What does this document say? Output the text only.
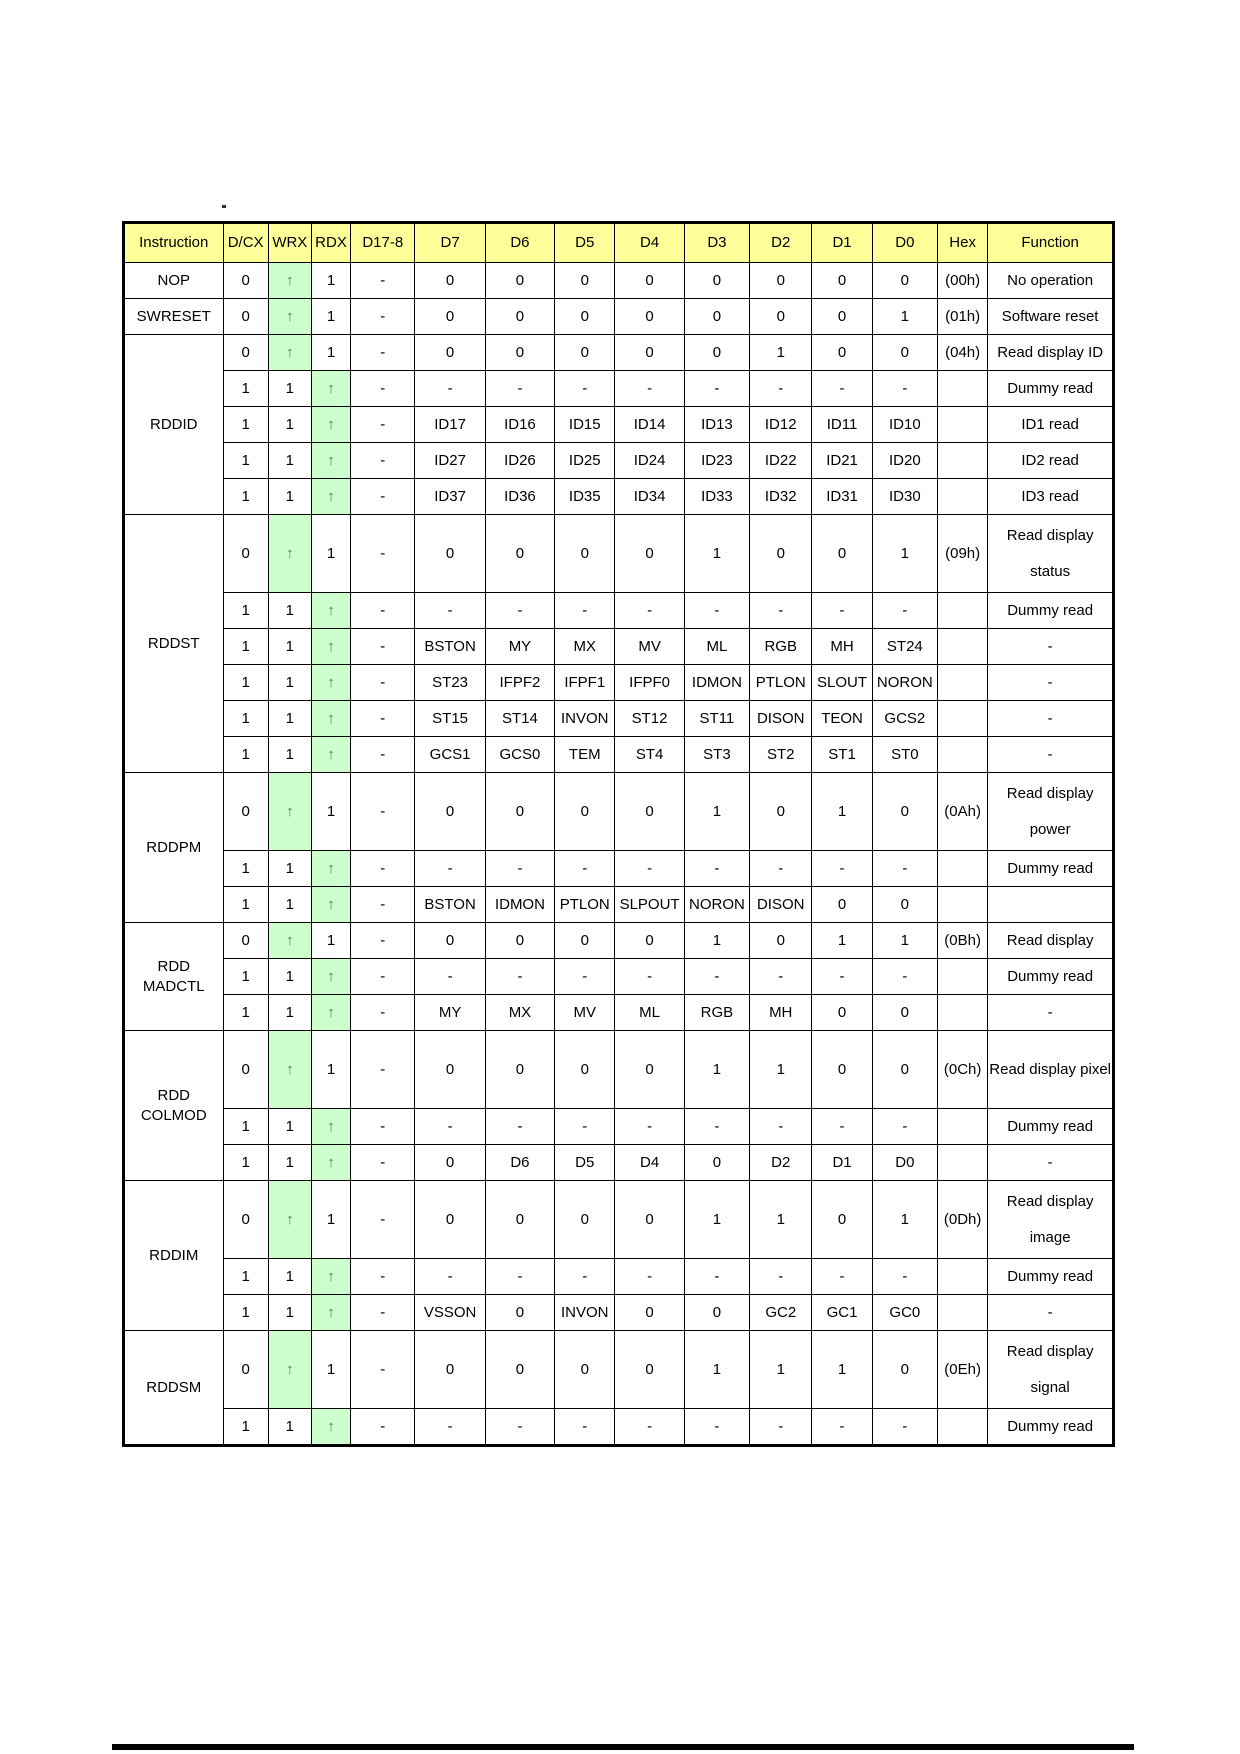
Instruction	D/CX	WRX	RDX	D17-8	D7	D6	D5	D4	D3	D2	D1	D0	Hex	Function
NOP	0	↑	1	-	0	0	0	0	0	0	0	0	(00h)	No operation
SWRESET	0	↑	1	-	0	0	0	0	0	0	0	1	(01h)	Software reset
RDDID	0	↑	1	-	0	0	0	0	0	1	0	0	(04h)	Read display ID
	1	1	↑	-	-	-	-	-	-	-	-	-		Dummy read
	1	1	↑	-	ID17	ID16	ID15	ID14	ID13	ID12	ID11	ID10		ID1 read
	1	1	↑	-	ID27	ID26	ID25	ID24	ID23	ID22	ID21	ID20		ID2 read
	1	1	↑	-	ID37	ID36	ID35	ID34	ID33	ID32	ID31	ID30		ID3 read
RDDST	0	↑	1	-	0	0	0	0	1	0	0	1	(09h)	Read display status
	1	1	↑	-	-	-	-	-	-	-	-	-		Dummy read
	1	1	↑	-	BSTON	MY	MX	MV	ML	RGB	MH	ST24		-
	1	1	↑	-	ST23	IFPF2	IFPF1	IFPF0	IDMON	PTLON	SLOUT	NORON		-
	1	1	↑	-	ST15	ST14	INVON	ST12	ST11	DISON	TEON	GCS2		-
	1	1	↑	-	GCS1	GCS0	TEM	ST4	ST3	ST2	ST1	ST0		-
RDDPM	0	↑	1	-	0	0	0	0	1	0	1	0	(0Ah)	Read display power
	1	1	↑	-	-	-	-	-	-	-	-	-		Dummy read
	1	1	↑	-	BSTON	IDMON	PTLON	SLPOUT	NORON	DISON	0	0		
RDD MADCTL	0	↑	1	-	0	0	0	0	1	0	1	1	(0Bh)	Read display
	1	1	↑	-	-	-	-	-	-	-	-	-		Dummy read
	1	1	↑	-	MY	MX	MV	ML	RGB	MH	0	0		-
RDD COLMOD	0	↑	1	-	0	0	0	0	1	1	0	0	(0Ch)	Read display pixel
	1	1	↑	-	-	-	-	-	-	-	-	-		Dummy read
	1	1	↑	-	0	D6	D5	D4	0	D2	D1	D0		-
RDDIM	0	↑	1	-	0	0	0	0	1	1	0	1	(0Dh)	Read display image
	1	1	↑	-	-	-	-	-	-	-	-	-		Dummy read
	1	1	↑	-	VSSON	0	INVON	0	0	GC2	GC1	GC0		-
RDDSM	0	↑	1	-	0	0	0	0	1	1	1	0	(0Eh)	Read display signal
	1	1	↑	-	-	-	-	-	-	-	-	-		Dummy read
